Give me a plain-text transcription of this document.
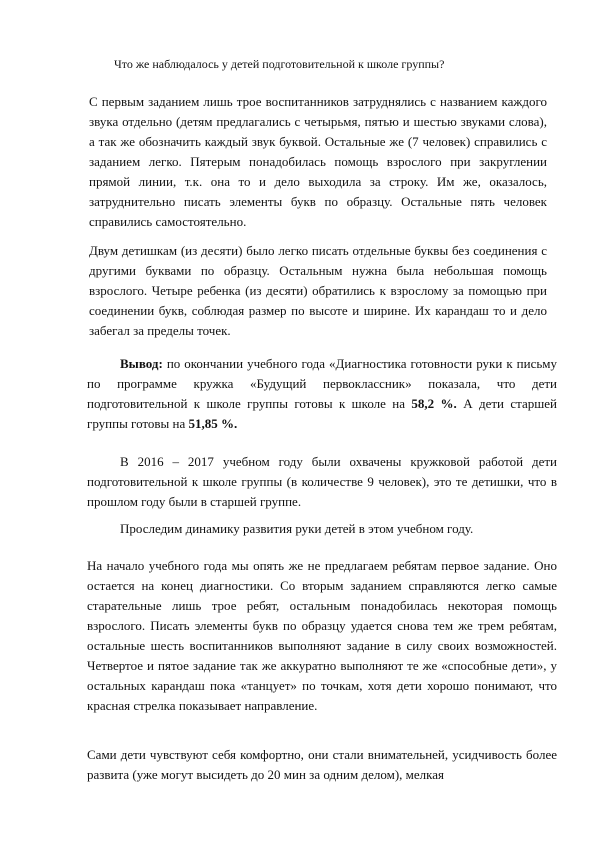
Что же наблюдалось у детей подготовительной к школе группы?

С первым заданием лишь трое воспитанников затруднялись с названием каждого звука отдельно (детям предлагались с четырьмя, пятью и шестью звуками слова), а так же обозначить каждый звук буквой. Остальные же (7 человек) справились с заданием легко. Пятерым понадобилась помощь взрослого при закруглении прямой линии, т.к. она то и дело выходила за строку. Им же, оказалось, затруднительно писать элементы букв по образцу. Остальные пять человек справились самостоятельно.

Двум детишкам (из десяти) было легко писать отдельные буквы без соединения с другими буквами по образцу. Остальным нужна была небольшая помощь взрослого. Четыре ребенка (из десяти) обратились к взрослому за помощью при соединении букв, соблюдая размер по высоте и ширине. Их карандаш то и дело забегал за пределы точек.

Вывод: по окончании учебного года «Диагностика готовности руки к письму по программе кружка «Будущий первоклассник» показала, что дети подготовительной к школе группы готовы к школе на 58,2 %. А дети старшей группы готовы на 51,85 %.

В 2016 – 2017 учебном году были охвачены кружковой работой дети подготовительной к школе группы (в количестве 9 человек), это те детишки, что в прошлом году были в старшей группе.

Проследим динамику развития руки детей в этом учебном году.

На начало учебного года мы опять же не предлагаем ребятам первое задание. Оно остается на конец диагностики. Со вторым заданием справляются легко самые старательные лишь трое ребят, остальным понадобилась некоторая помощь взрослого. Писать элементы букв по образцу удается снова тем же трем ребятам, остальные шесть воспитанников выполняют задание в силу своих возможностей. Четвертое и пятое задание так же аккуратно выполняют те же «способные дети», у остальных карандаш пока «танцует» по точкам, хотя дети хорошо понимают, что красная стрелка показывает направление.

Сами дети чувствуют себя комфортно, они стали внимательней, усидчивость более развита (уже могут высидеть до 20 мин за одним делом), мелкая
